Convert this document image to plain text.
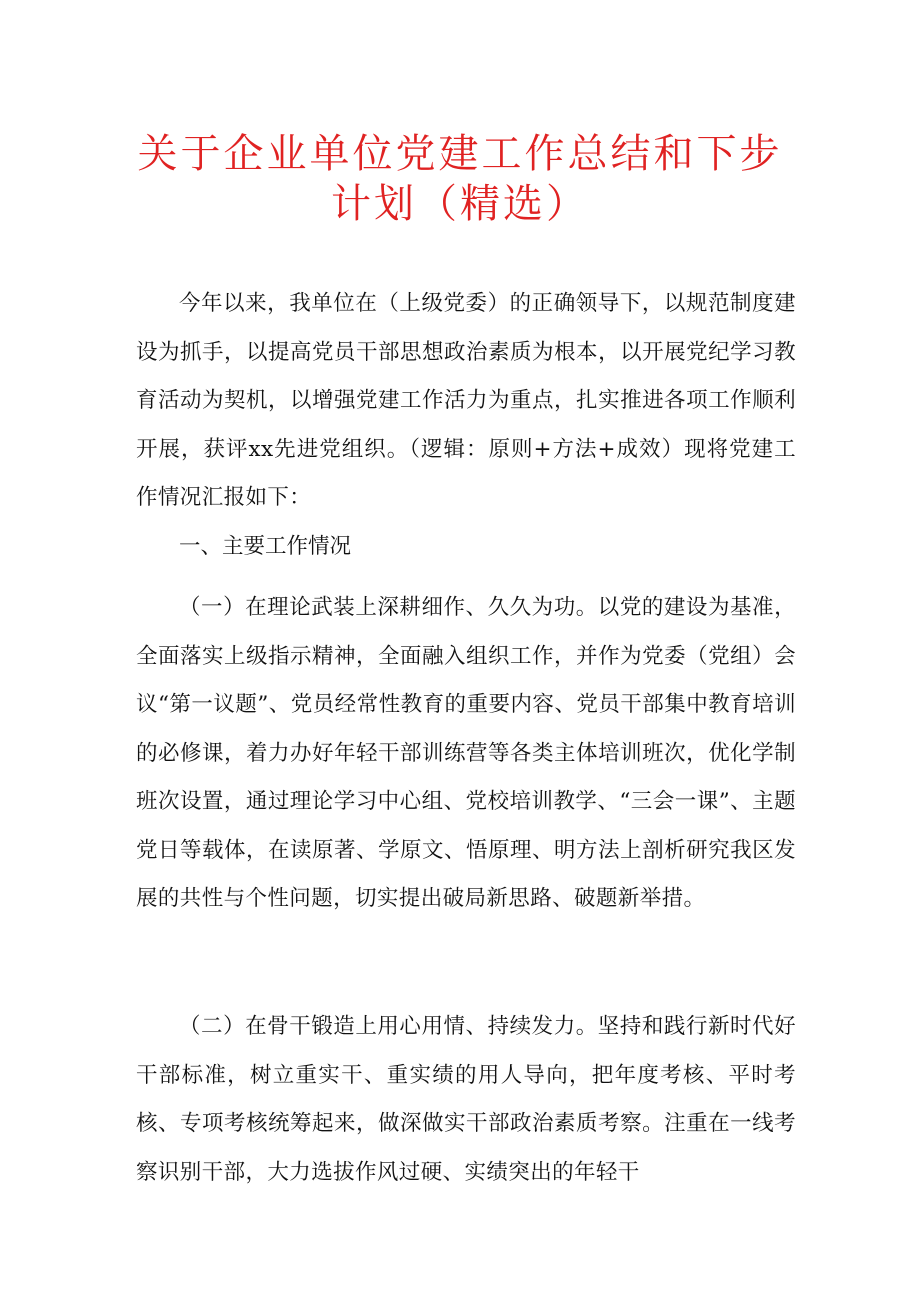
关于企业单位党建工作总结和下步
计划（精选）

今年以来，我单位在（上级党委）的正确领导下，以规范制度建设为抓手，以提高党员干部思想政治素质为根本，以开展党纪学习教育活动为契机，以增强党建工作活力为重点，扎实推进各项工作顺利开展，获评xx先进党组织。（逻辑：原则+方法+成效）现将党建工作情况汇报如下：

一、主要工作情况

（一）在理论武装上深耕细作、久久为功。以党的建设为基准，全面落实上级指示精神，全面融入组织工作，并作为党委（党组）会议“第一议题”、党员经常性教育的重要内容、党员干部集中教育培训的必修课，着力办好年轻干部训练营等各类主体培训班次，优化学制班次设置，通过理论学习中心组、党校培训教学、“三会一课”、主题党日等载体，在读原著、学原文、悟原理、明方法上剖析研究我区发展的共性与个性问题，切实提出破局新思路、破题新举措。

（二）在骨干锻造上用心用情、持续发力。坚持和践行新时代好干部标准，树立重实干、重实绩的用人导向，把年度考核、平时考核、专项考核统筹起来，做深做实干部政治素质考察。注重在一线考察识别干部，大力选拔作风过硬、实绩突出的年轻干
